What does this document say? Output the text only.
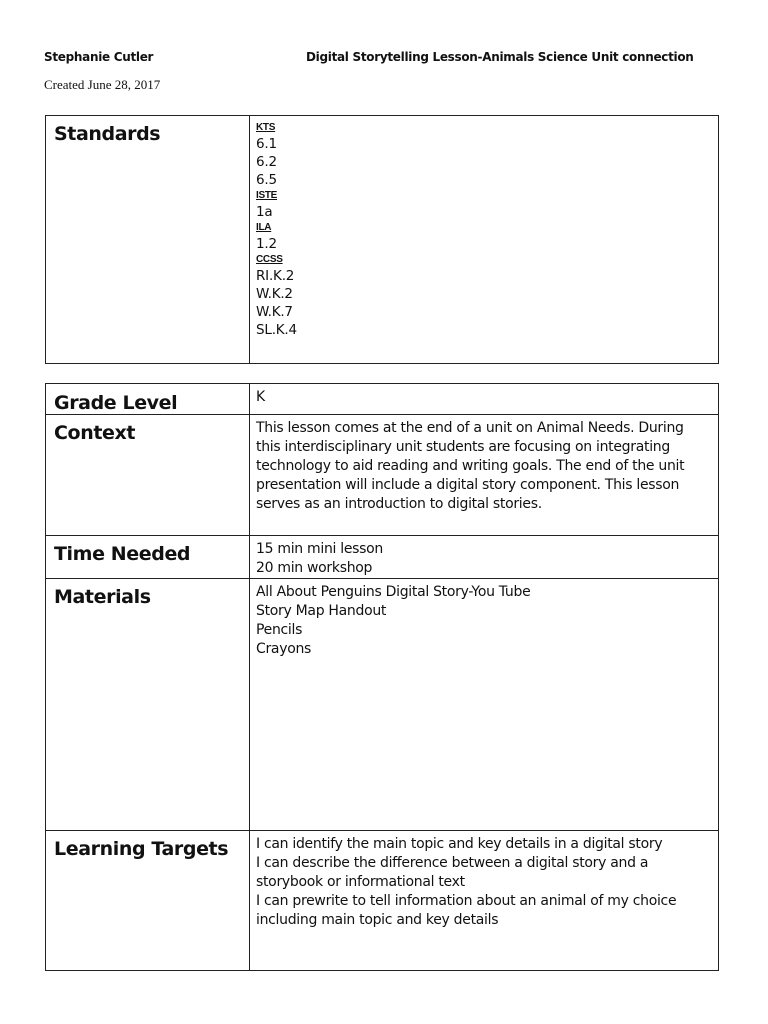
Stephanie Cutler	Digital Storytelling Lesson-Animals Science Unit connection
Created June 28, 2017
Standards	KTS
6.1
6.2
6.5
ISTE
1a
ILA
1.2
CCSS
RI.K.2
W.K.2
W.K.7
SL.K.4
Grade Level	K

Context	This lesson comes at the end of a unit on Animal Needs. During
this interdisciplinary unit students are focusing on integrating
technology to aid reading and writing goals. The end of the unit
presentation will include a digital story component. This lesson
serves as an introduction to digital stories.

Time Needed	15 min mini lesson
20 min workshop

Materials	All About Penguins Digital Story-You Tube
Story Map Handout
Pencils
Crayons

Learning Targets	I can identify the main topic and key details in a digital story
I can describe the difference between a digital story and a
storybook or informational text
I can prewrite to tell information about an animal of my choice
including main topic and key details
